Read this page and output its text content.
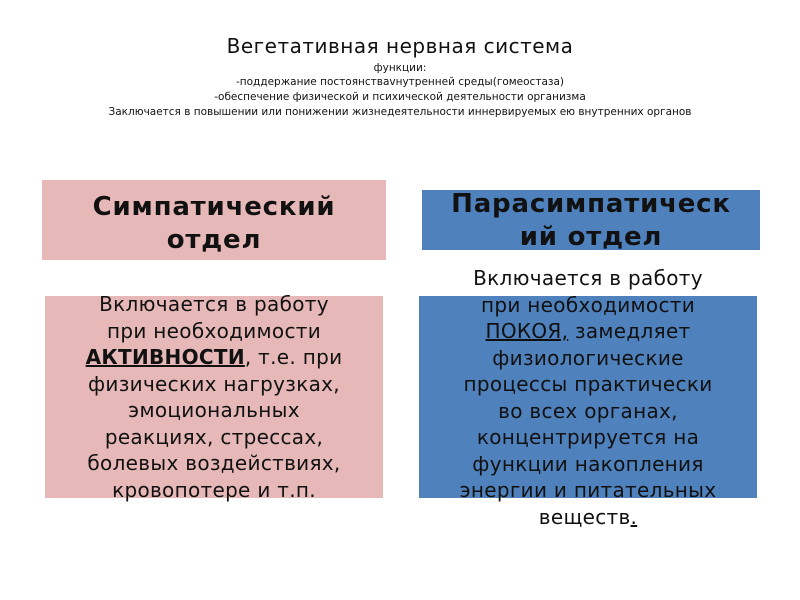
Вегетативная нервная система
функции:
-поддержание постоянстваvнутренней среды(гомеостаза)
-обеспечение физической и психической деятельности организма
Заключается в повышении или понижении жизнедеятельности иннервируемых ею внутренних органов
Симпатический
отдел
Парасимпатическ
ий отдел
Включается в работу
при необходимости
АКТИВНОСТИ, т.е. при
физических нагрузках,
эмоциональных
реакциях, стрессах,
болевых воздействиях,
кровопотере и т.п.
Включается в работу
при необходимости
ПОКОЯ, замедляет
физиологические
процессы практически
во всех органах,
концентрируется на
функции накопления
энергии и питательных
веществ.
